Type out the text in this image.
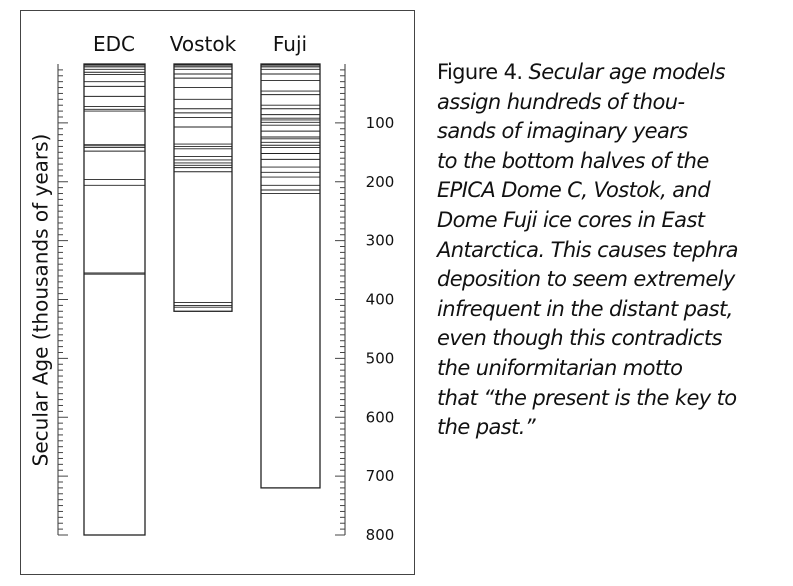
Secular Age (thousands of years)
100
200
300
400
500
600
700
800
EDC Vostok Fuji
Figure 4. Secular age models
assign hundreds of thou-
sands of imaginary years
to the bottom halves of the
EPICA Dome C, Vostok, and
Dome Fuji ice cores in East
Antarctica. This causes tephra
deposition to seem extremely
infrequent in the distant past,
even though this contradicts
the uniformitarian motto
that “the present is the key to
the past.”
